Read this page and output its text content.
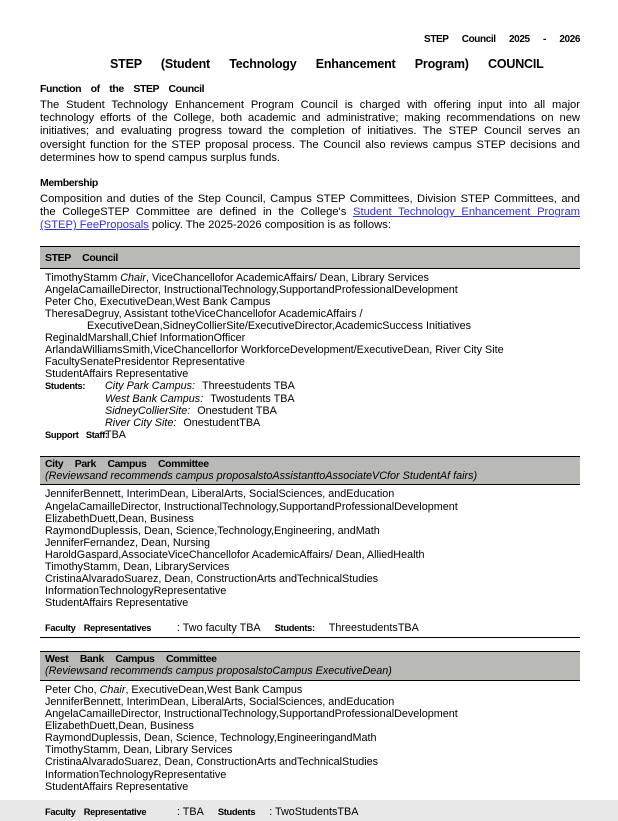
STEP Council 2025 - 2026
STEP (Student Technology Enhancement Program) COUNCIL
Function of the STEP Council

The Student Technology Enhancement Program Council is charged with offering input into all major technology efforts of the College, both academic and administrative; making recommendations on new initiatives; and evaluating progress toward the completion of initiatives. The STEP Council serves an oversight function for the STEP proposal process. The Council also reviews campus STEP decisions and determines how to spend campus surplus funds.

Membership

Composition and duties of the Step Council, Campus STEP Committees, Division STEP Committees, and the CollegeSTEP Committee are defined in the College's Student Technology Enhancement Program (STEP) FeeProposals policy. The 2025-2026 composition is as follows:

STEP Council
TimothyStamm Chair, ViceChancellofor AcademicAffairs/ Dean, Library Services
AngelaCamailleDirector, InstructionalTechnology,SupportandProfessionalDevelopment
Peter Cho, ExecutiveDean,West Bank Campus
TheresaDegruy, Assistant totheViceChancellofor AcademicAffairs /
ExecutiveDean,SidneyCollierSite/ExecutiveDirector,AcademicSuccess Initiatives
ReginaldMarshall,Chief InformationOfficer
ArlandaWilliamsSmith,ViceChancellorfor WorkforceDevelopment/ExecutiveDean, River City Site
FacultySenatePresidentor Representative
StudentAffairs Representative
Students: City Park Campus: Threestudents TBA
West Bank Campus: Twostudents TBA
SidneyCollierSite: Onestudent TBA
River City Site: OnestudentTBA
Support Staff:TBA
City Park Campus Committee
(Reviewsand recommends campus proposalstoAssistanttoAssociateVCfor StudentAf fairs)
JenniferBennett, InterimDean, LiberalArts, SocialSciences, andEducation
AngelaCamailleDirector, InstructionalTechnology,SupportandProfessionalDevelopment
ElizabethDuett,Dean, Business
RaymondDuplessis, Dean, Science,Technology,Engineering, andMath
JenniferFernandez, Dean, Nursing
HaroldGaspard,AssociateViceChancellofor AcademicAffairs/ Dean, AlliedHealth
TimothyStamm, Dean, LibraryServices
CristinaAlvaradoSuarez, Dean, ConstructionArts andTechnicalStudies
InformationTechnologyRepresentative
StudentAffairs Representative
Faculty Representatives	: Two faculty TBA Students: ThreestudentsTBA
West Bank Campus Committee
(Reviewsand recommends campus proposalstoCampus ExecutiveDean)
Peter Cho, Chair, ExecutiveDean,West Bank Campus
JenniferBennett, InterimDean, LiberalArts, SocialSciences, andEducation
AngelaCamailleDirector, InstructionalTechnology,SupportandProfessionalDevelopment
ElizabethDuett,Dean, Business
RaymondDuplessis, Dean, Science, Technology,EngineeringandMath
TimothyStamm, Dean, Library Services
CristinaAlvaradoSuarez, Dean, ConstructionArts andTechnicalStudies
InformationTechnologyRepresentative
StudentAffairs Representative
Faculty Representative	: TBA Students : TwoStudentsTBA
